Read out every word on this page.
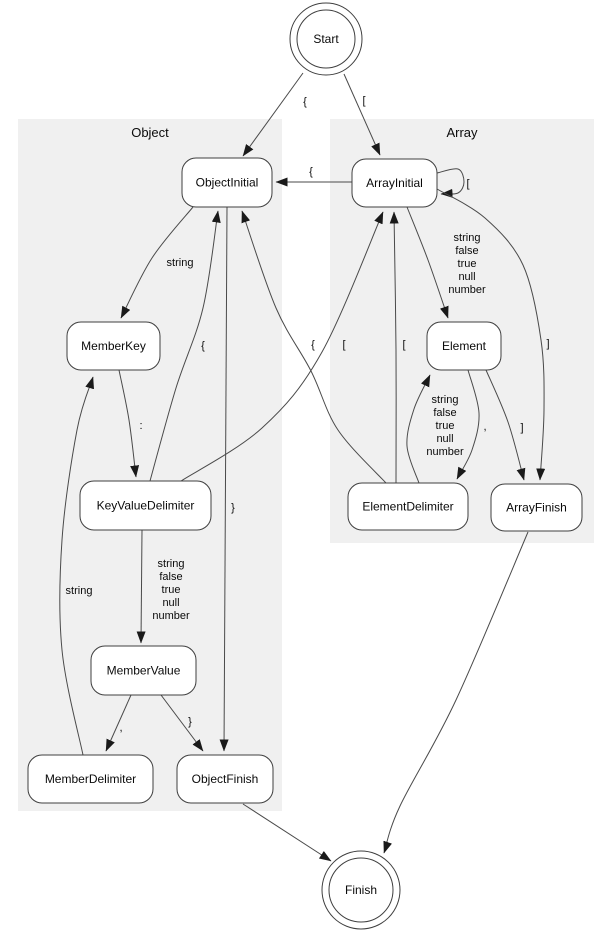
Object	Array
{	[
{
[
string
string false true null number
:
{	[
{	[	]
string false true null number
,	]
}
string
string false true null number
,	}
Start
ObjectInitial
MemberKey
KeyValueDelimiter
MemberValue
MemberDelimiter	ObjectFinish
ArrayInitial
Element
ElementDelimiter	ArrayFinish
Finish
